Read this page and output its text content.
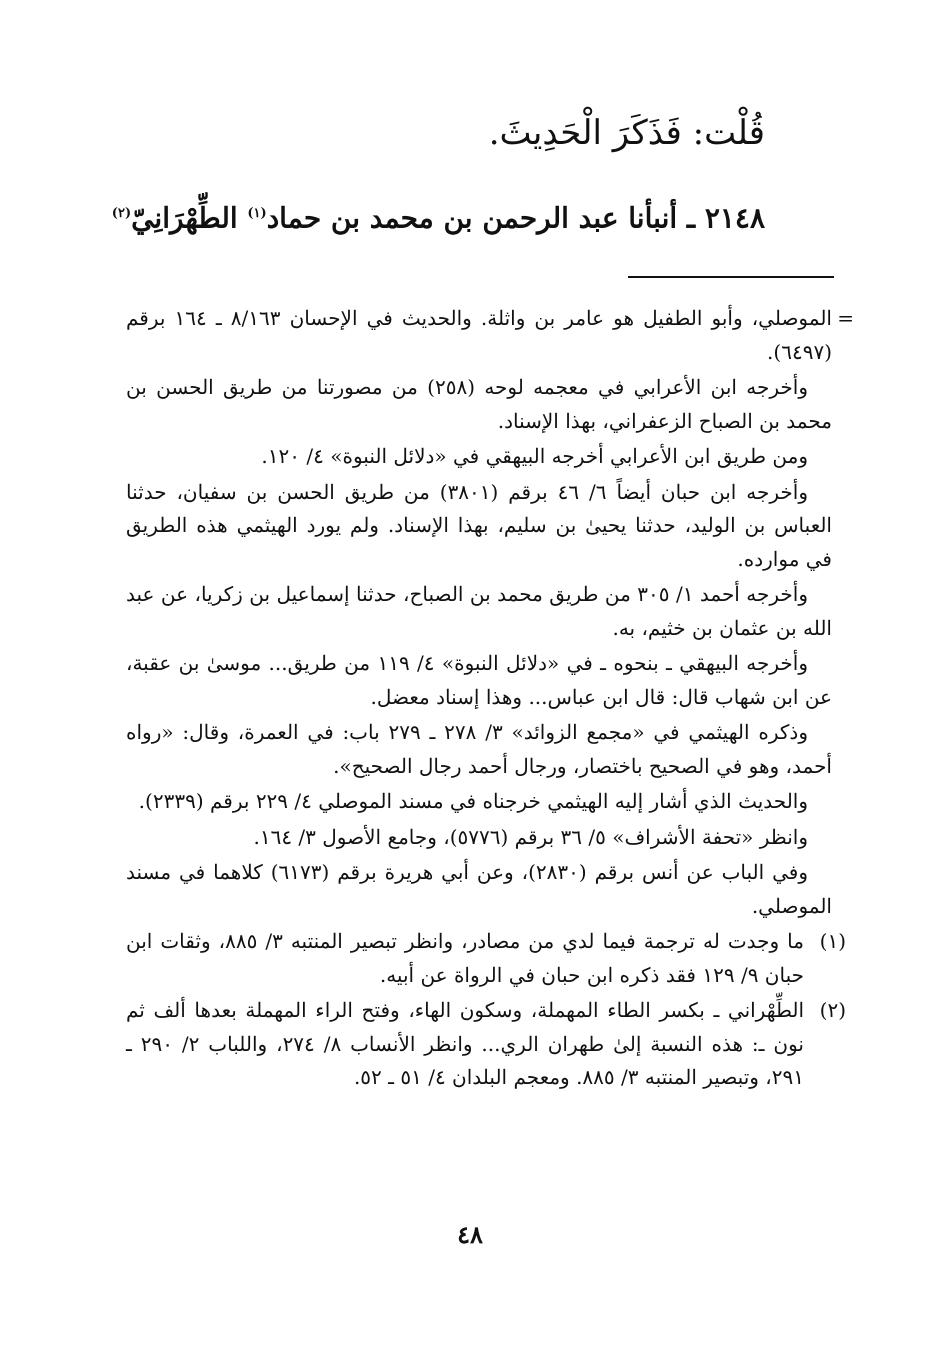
قُلْت: فَذَكَرَ الْحَدِيثَ.
٢١٤٨ ـ أنبأنا عبد الرحمن بن محمد بن حماد$^{(١)}$ الطِّهْرَانِيّ$^{(٢)}$

=
الموصلي، وأبو الطفيل هو عامر بن واثلة. والحديث في الإحسان ٨/١٦٣ ـ ١٦٤ برقم (٦٤٩٧).

وأخرجه ابن الأعرابي في معجمه لوحه (٢٥٨) من مصورتنا من طريق الحسن بن محمد بن الصباح الزعفراني، بهذا الإسناد.

ومن طريق ابن الأعرابي أخرجه البيهقي في «دلائل النبوة» ٤/ ١٢٠.

وأخرجه ابن حبان أيضاً ٦/ ٤٦ برقم (٣٨٠١) من طريق الحسن بن سفيان، حدثنا العباس بن الوليد، حدثنا يحيىٰ بن سليم، بهذا الإسناد. ولم يورد الهيثمي هذه الطريق في موارده.

وأخرجه أحمد ١/ ٣٠٥ من طريق محمد بن الصباح، حدثنا إسماعيل بن زكريا، عن عبد الله بن عثمان بن خثيم، به.

وأخرجه البيهقي ـ بنحوه ـ في «دلائل النبوة» ٤/ ١١٩ من طريق... موسىٰ بن عقبة، عن ابن شهاب قال: قال ابن عباس... وهذا إسناد معضل.

وذكره الهيثمي في «مجمع الزوائد» ٣/ ٢٧٨ ـ ٢٧٩ باب: في العمرة، وقال: «رواه أحمد، وهو في الصحيح باختصار، ورجال أحمد رجال الصحيح».

والحديث الذي أشار إليه الهيثمي خرجناه في مسند الموصلي ٤/ ٢٢٩ برقم (٢٣٣٩).

وانظر «تحفة الأشراف» ٥/ ٣٦ برقم (٥٧٧٦)، وجامع الأصول ٣/ ١٦٤.

وفي الباب عن أنس برقم (٢٨٣٠)، وعن أبي هريرة برقم (٦١٧٣) كلاهما في مسند الموصلي.

(١)
ما وجدت له ترجمة فيما لدي من مصادر، وانظر تبصير المنتبه ٣/ ٨٨٥، وثقات ابن حبان ٩/ ١٢٩ فقد ذكره ابن حبان في الرواة عن أبيه.

(٢)
الطِّهْراني ـ بكسر الطاء المهملة، وسكون الهاء، وفتح الراء المهملة بعدها ألف ثم نون ـ: هذه النسبة إلىٰ طهران الري... وانظر الأنساب ٨/ ٢٧٤، واللباب ٢/ ٢٩٠ ـ ٢٩١، وتبصير المنتبه ٣/ ٨٨٥. ومعجم البلدان ٤/ ٥١ ـ ٥٢.

٤٨
